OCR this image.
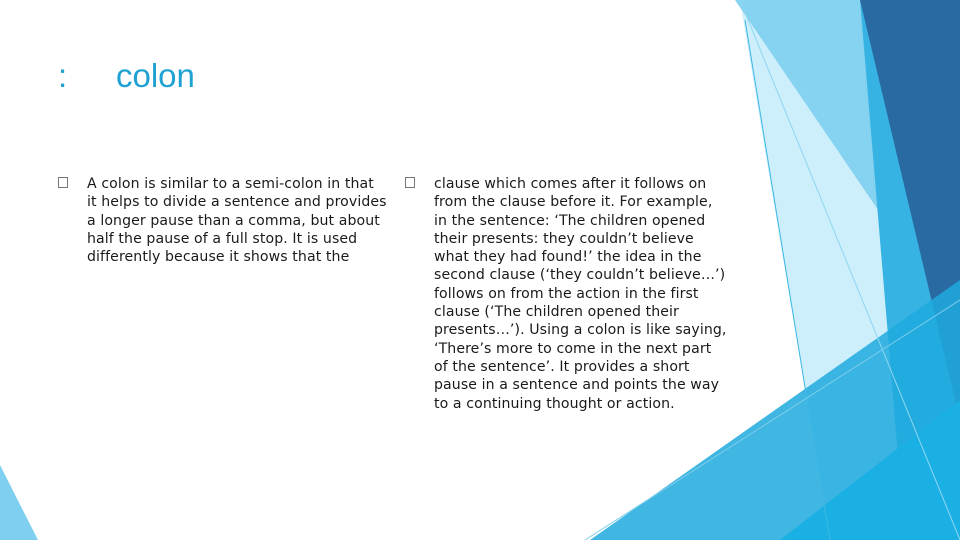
:	colon
A colon is similar to a semi-colon in that it helps to divide a sentence and provides a longer pause than a comma, but about half the pause of a full stop. It is used differently because it shows that the
clause which comes after it follows on from the clause before it. For example, in the sentence: ‘The children opened their presents: they couldn’t believe what they had found!’ the idea in the second clause (‘they couldn’t believe…’) follows on from the action in the first clause (‘The children opened their presents…’). Using a colon is like saying, ‘There’s more to come in the next part of the sentence’. It provides a short pause in a sentence and points the way to a continuing thought or action.
